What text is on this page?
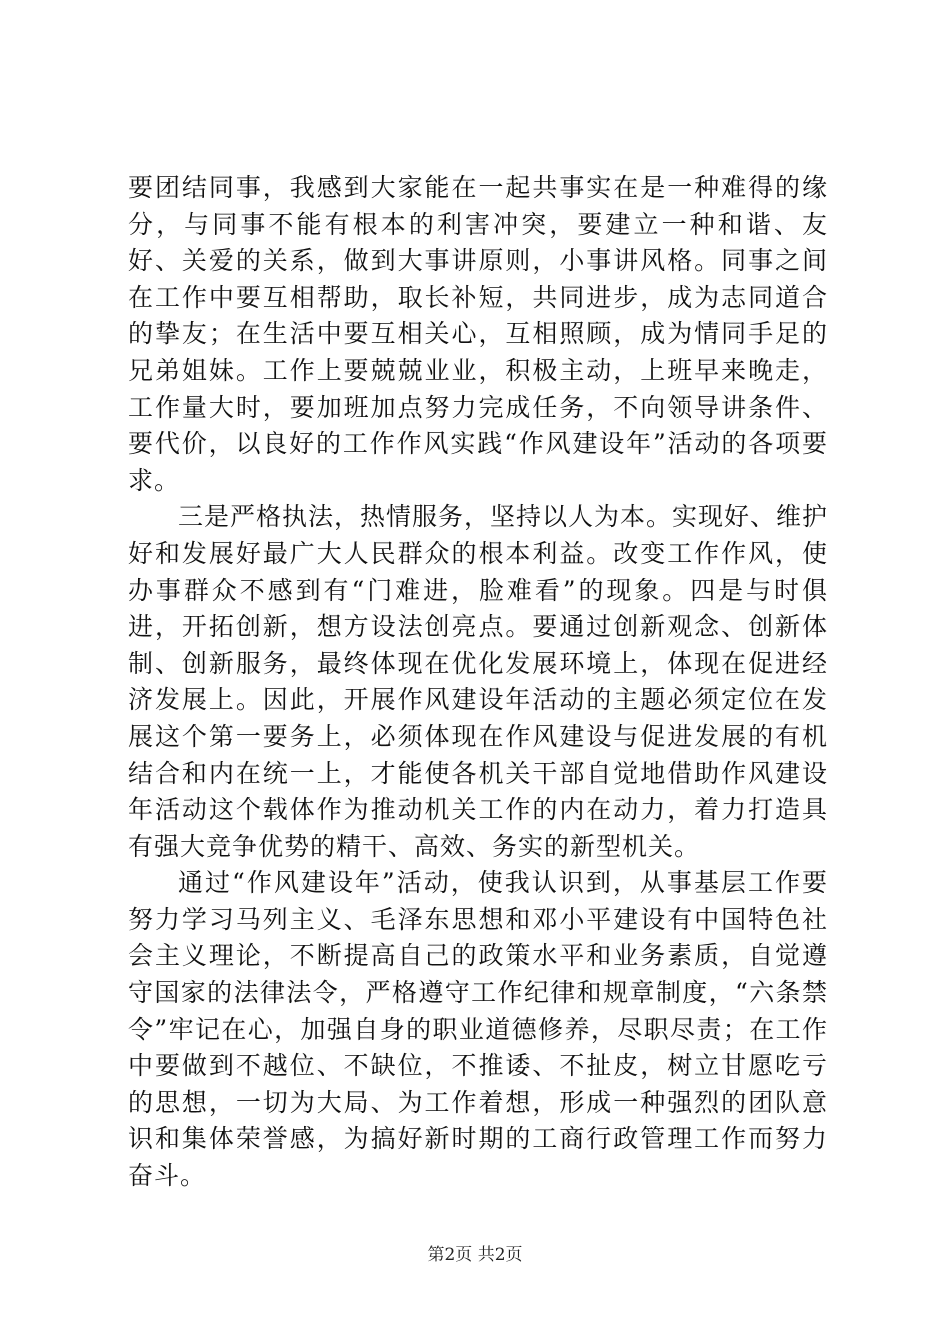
要团结同事，我感到大家能在一起共事实在是一种难得的缘分，与同事不能有根本的利害冲突，要建立一种和谐、友好、关爱的关系，做到大事讲原则，小事讲风格。同事之间在工作中要互相帮助，取长补短，共同进步，成为志同道合的挚友；在生活中要互相关心，互相照顾，成为情同手足的兄弟姐妹。工作上要兢兢业业，积极主动，上班早来晚走，工作量大时，要加班加点努力完成任务，不向领导讲条件、要代价，以良好的工作作风实践“作风建设年”活动的各项要求。

三是严格执法，热情服务，坚持以人为本。实现好、维护好和发展好最广大人民群众的根本利益。改变工作作风，使办事群众不感到有“门难进，脸难看”的现象。四是与时俱进，开拓创新，想方设法创亮点。要通过创新观念、创新体制、创新服务，最终体现在优化发展环境上，体现在促进经济发展上。因此，开展作风建设年活动的主题必须定位在发展这个第一要务上，必须体现在作风建设与促进发展的有机结合和内在统一上，才能使各机关干部自觉地借助作风建设年活动这个载体作为推动机关工作的内在动力，着力打造具有强大竞争优势的精干、高效、务实的新型机关。

通过“作风建设年”活动，使我认识到，从事基层工作要努力学习马列主义、毛泽东思想和邓小平建设有中国特色社会主义理论，不断提高自己的政策水平和业务素质，自觉遵守国家的法律法令，严格遵守工作纪律和规章制度，“六条禁令”牢记在心，加强自身的职业道德修养，尽职尽责；在工作中要做到不越位、不缺位，不推诿、不扯皮，树立甘愿吃亏的思想，一切为大局、为工作着想，形成一种强烈的团队意识和集体荣誉感，为搞好新时期的工商行政管理工作而努力奋斗。

第2页 共2页
